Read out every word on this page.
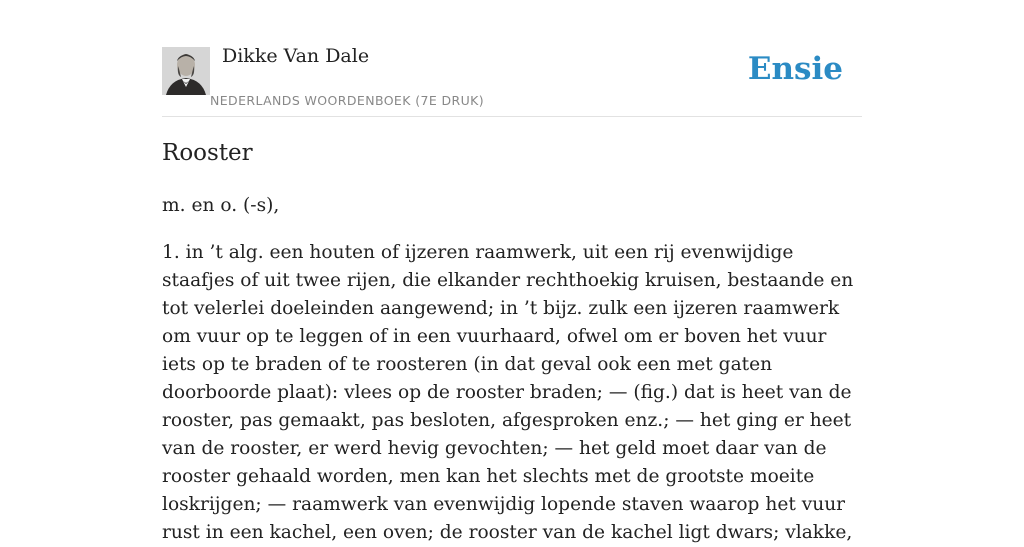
Dikke Van Dale
NEDERLANDS WOORDENBOEK (7E DRUK)
Ensie
Rooster

m. en o. (-s),

1. in ’t alg. een houten of ijzeren raamwerk, uit een rij evenwijdige staafjes of uit twee rijen, die elkander rechthoekig kruisen, bestaande en tot velerlei doeleinden aangewend; in ’t bijz. zulk een ijzeren raamwerk om vuur op te leggen of in een vuurhaard, ofwel om er boven het vuur iets op te braden of te roosteren (in dat geval ook een met gaten doorboorde plaat): vlees op de rooster braden; — (fig.) dat is heet van de rooster, pas gemaakt, pas besloten, afgesproken enz.; — het ging er heet van de rooster, er werd hevig gevochten; — het geld moet daar van de rooster gehaald worden, men kan het slechts met de grootste moeite loskrijgen; — raamwerk van evenwijdig lopende staven waarop het vuur rust in een kachel, een oven; de rooster van de kachel ligt dwars; vlakke,
